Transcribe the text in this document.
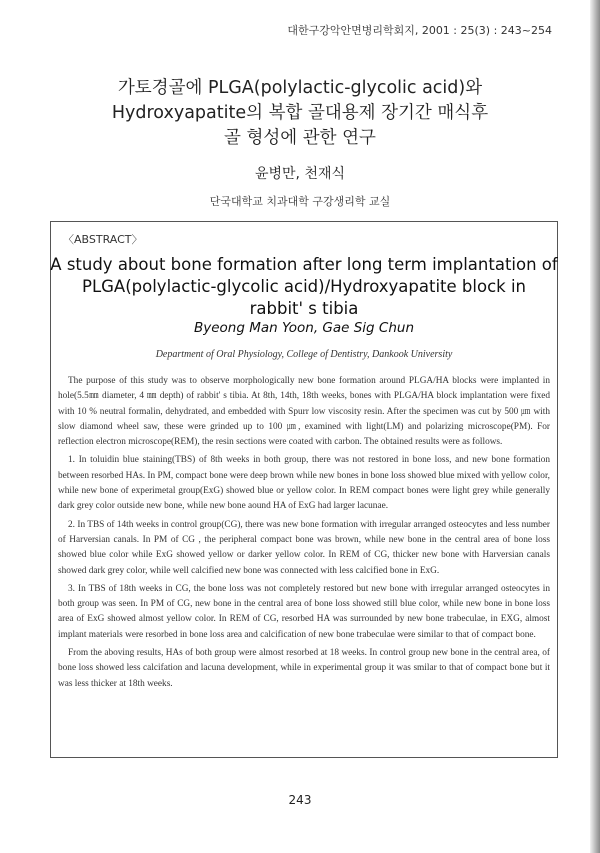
대한구강악안면병리학회지, 2001 : 25(3) : 243~254
가토경골에 PLGA(polylactic-glycolic acid)와
Hydroxyapatite의 복합 골대용제 장기간 매식후
골 형성에 관한 연구
윤병만, 천재식
단국대학교 치과대학 구강생리학 교실
〈ABSTRACT〉
A study about bone formation after long term implantation of
PLGA(polylactic-glycolic acid)/Hydroxyapatite block in
rabbit' s tibia
Byeong Man Yoon, Gae Sig Chun
Department of Oral Physiology, College of Dentistry, Dankook University

The purpose of this study was to observe morphologically new bone formation around PLGA/HA blocks were implanted in hole(5.5㎜ diameter, 4 ㎜ depth) of rabbit' s tibia. At 8th, 14th, 18th weeks, bones with PLGA/HA block implantation were fixed with 10 % neutral formalin, dehydrated, and embedded with Spurr low viscosity resin. After the specimen was cut by 500 ㎛ with slow diamond wheel saw, these were grinded up to 100 ㎛, examined with light(LM) and polarizing microscope(PM). For reflection electron microscope(REM), the resin sections were coated with carbon. The obtained results were as follows.

1. In toluidin blue staining(TBS) of 8th weeks in both group, there was not restored in bone loss, and new bone formation between resorbed HAs. In PM, compact bone were deep brown while new bones in bone loss showed blue mixed with yellow color, while new bone of experimetal group(ExG) showed blue or yellow color. In REM compact bones were light grey while generally dark grey color outside new bone, while new bone aound HA of ExG had larger lacunae.

2. In TBS of 14th weeks in control group(CG), there was new bone formation with irregular arranged osteocytes and less number of Harversian canals. In PM of CG , the peripheral compact bone was brown, while new bone in the central area of bone loss showed blue color while ExG showed yellow or darker yellow color. In REM of CG, thicker new bone with Harversian canals showed dark grey color, while well calcified new bone was connected with less calcified bone in ExG.

3. In TBS of 18th weeks in CG, the bone loss was not completely restored but new bone with irregular arranged osteocytes in both group was seen. In PM of CG, new bone in the central area of bone loss showed still blue color, while new bone in bone loss area of ExG showed almost yellow color. In REM of CG, resorbed HA was surrounded by new bone trabeculae, in EXG, almost implant materials were resorbed in bone loss area and calcification of new bone trabeculae were similar to that of compact bone.

From the aboving results, HAs of both group were almost resorbed at 18 weeks. In control group new bone in the central area, of bone loss showed less calcifation and lacuna development, while in experimental group it was smilar to that of compact bone but it was less thicker at 18th weeks.

243
